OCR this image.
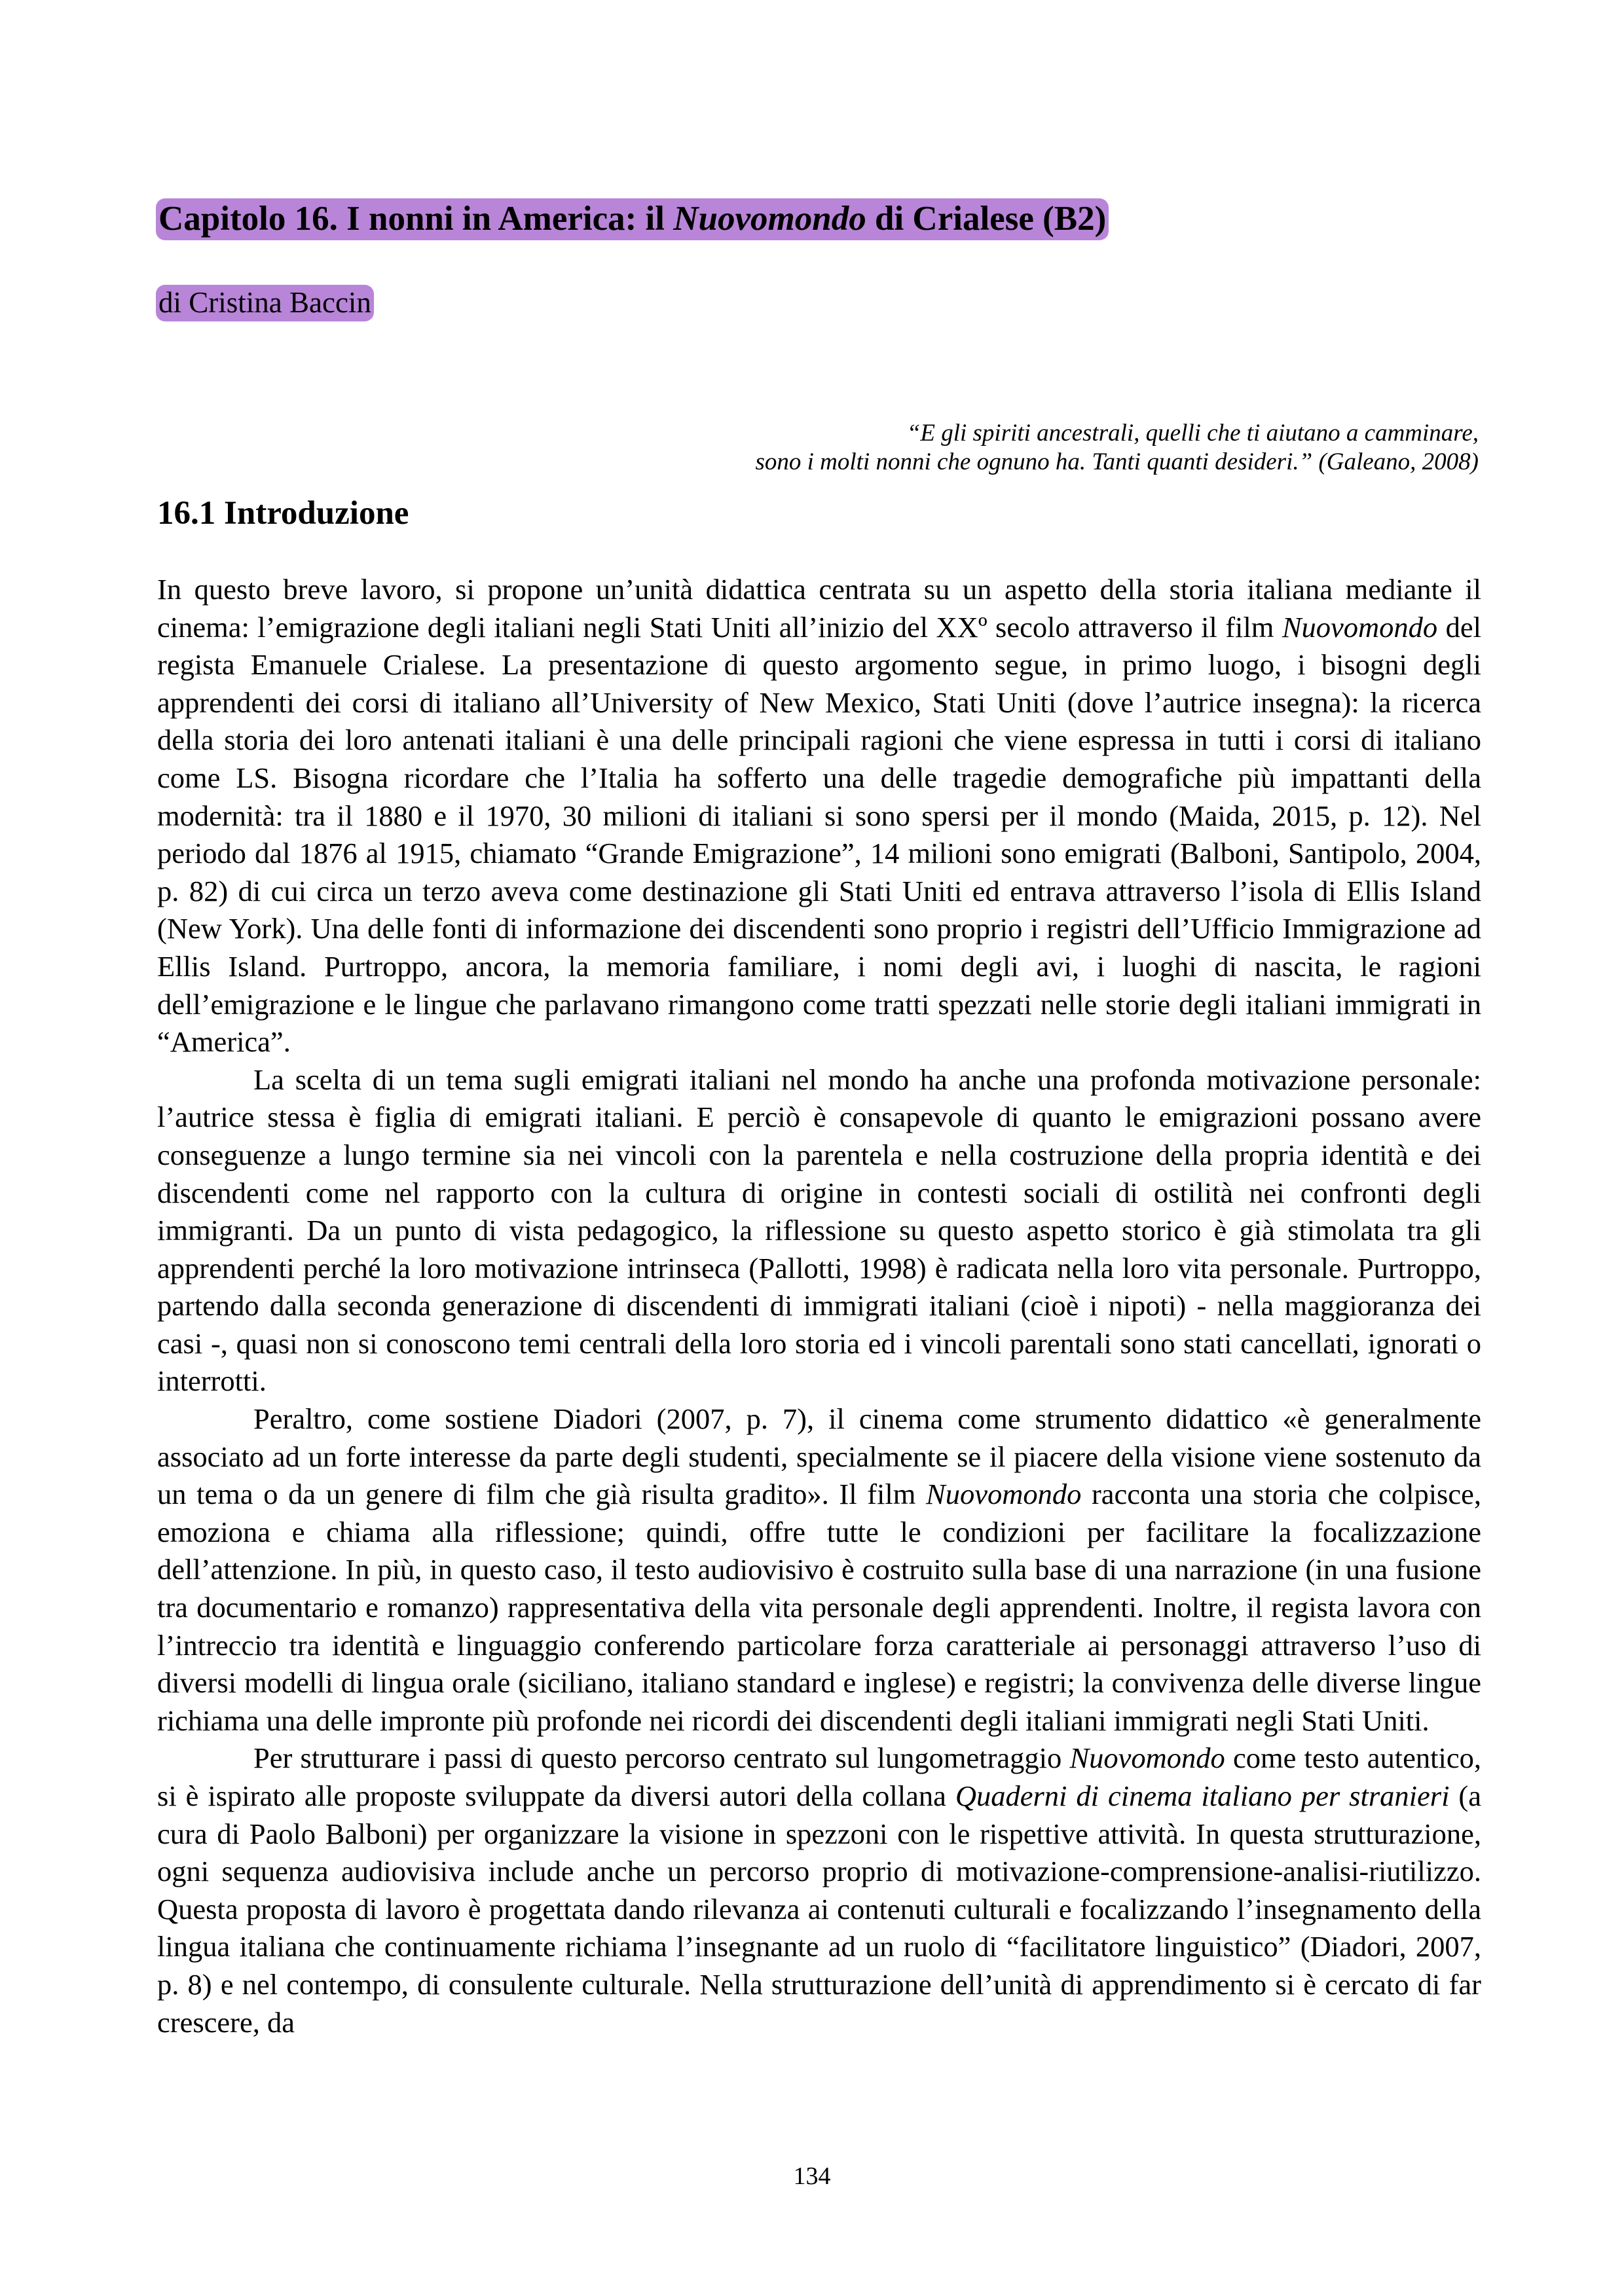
Capitolo 16. I nonni in America: il Nuovomondo di Crialese (B2)

di Cristina Baccin

“E gli spiriti ancestrali, quelli che ti aiutano a camminare,
sono i molti nonni che ognuno ha. Tanti quanti desideri.” (Galeano, 2008)
16.1 Introduzione

In questo breve lavoro, si propone un’unità didattica centrata su un aspetto della storia italiana mediante il cinema: l’emigrazione degli italiani negli Stati Uniti all’inizio del XXº secolo attraverso il film Nuovomondo del regista Emanuele Crialese. La presentazione di questo argomento segue, in primo luogo, i bisogni degli apprendenti dei corsi di italiano all’University of New Mexico, Stati Uniti (dove l’autrice insegna): la ricerca della storia dei loro antenati italiani è una delle principali ragioni che viene espressa in tutti i corsi di italiano come LS. Bisogna ricordare che l’Italia ha sofferto una delle tragedie demografiche più impattanti della modernità: tra il 1880 e il 1970, 30 milioni di italiani si sono spersi per il mondo (Maida, 2015, p. 12). Nel periodo dal 1876 al 1915, chiamato “Grande Emigrazione”, 14 milioni sono emigrati (Balboni, Santipolo, 2004, p. 82) di cui circa un terzo aveva come destinazione gli Stati Uniti ed entrava attraverso l’isola di Ellis Island (New York). Una delle fonti di informazione dei discendenti sono proprio i registri dell’Ufficio Immigrazione ad Ellis Island. Purtroppo, ancora, la memoria familiare, i nomi degli avi, i luoghi di nascita, le ragioni dell’emigrazione e le lingue che parlavano rimangono come tratti spezzati nelle storie degli italiani immigrati in “America”.

La scelta di un tema sugli emigrati italiani nel mondo ha anche una profonda motivazione personale: l’autrice stessa è figlia di emigrati italiani. E perciò è consapevole di quanto le emigrazioni possano avere conseguenze a lungo termine sia nei vincoli con la parentela e nella costruzione della propria identità e dei discendenti come nel rapporto con la cultura di origine in contesti sociali di ostilità nei confronti degli immigranti. Da un punto di vista pedagogico, la riflessione su questo aspetto storico è già stimolata tra gli apprendenti perché la loro motivazione intrinseca (Pallotti, 1998) è radicata nella loro vita personale. Purtroppo, partendo dalla seconda generazione di discendenti di immigrati italiani (cioè i nipoti) - nella maggioranza dei casi -, quasi non si conoscono temi centrali della loro storia ed i vincoli parentali sono stati cancellati, ignorati o interrotti.

Peraltro, come sostiene Diadori (2007, p. 7), il cinema come strumento didattico «è generalmente associato ad un forte interesse da parte degli studenti, specialmente se il piacere della visione viene sostenuto da un tema o da un genere di film che già risulta gradito». Il film Nuovomondo racconta una storia che colpisce, emoziona e chiama alla riflessione; quindi, offre tutte le condizioni per facilitare la focalizzazione dell’attenzione. In più, in questo caso, il testo audiovisivo è costruito sulla base di una narrazione (in una fusione tra documentario e romanzo) rappresentativa della vita personale degli apprendenti. Inoltre, il regista lavora con l’intreccio tra identità e linguaggio conferendo particolare forza caratteriale ai personaggi attraverso l’uso di diversi modelli di lingua orale (siciliano, italiano standard e inglese) e registri; la convivenza delle diverse lingue richiama una delle impronte più profonde nei ricordi dei discendenti degli italiani immigrati negli Stati Uniti.

Per strutturare i passi di questo percorso centrato sul lungometraggio Nuovomondo come testo autentico, si è ispirato alle proposte sviluppate da diversi autori della collana Quaderni di cinema italiano per stranieri (a cura di Paolo Balboni) per organizzare la visione in spezzoni con le rispettive attività. In questa strutturazione, ogni sequenza audiovisiva include anche un percorso proprio di motivazione-comprensione-analisi-riutilizzo. Questa proposta di lavoro è progettata dando rilevanza ai contenuti culturali e focalizzando l’insegnamento della lingua italiana che continuamente richiama l’insegnante ad un ruolo di “facilitatore linguistico” (Diadori, 2007, p. 8) e nel contempo, di consulente culturale. Nella strutturazione dell’unità di apprendimento si è cercato di far crescere, da

134
